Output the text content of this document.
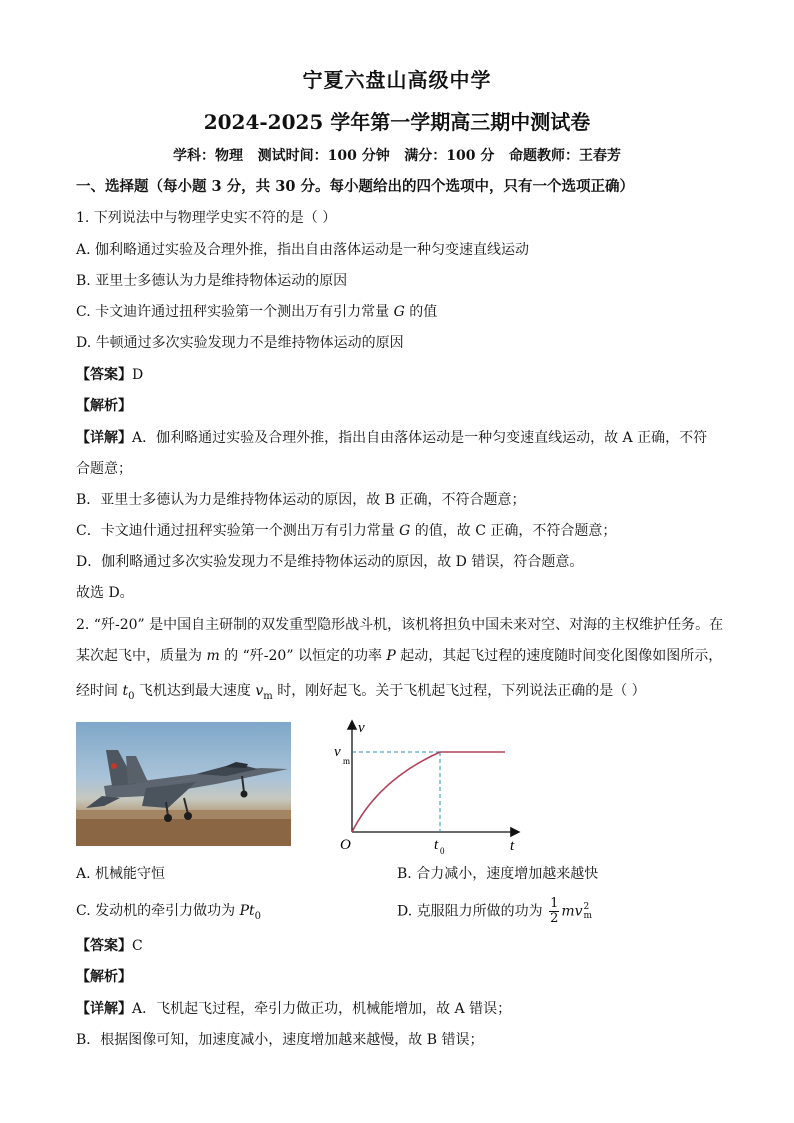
宁夏六盘山高级中学
2024-2025 学年第一学期高三期中测试卷
学科：物理   测试时间：100 分钟   满分：100 分   命题教师：王春芳
一、选择题（每小题 3 分，共 30 分。每小题给出的四个选项中，只有一个选项正确）
1. 下列说法中与物理学史实不符的是（ ）
A. 伽利略通过实验及合理外推，指出自由落体运动是一种匀变速直线运动
B. 亚里士多德认为力是维持物体运动的原因
C. 卡文迪许通过扭秤实验第一个测出万有引力常量 G 的值
D. 牛顿通过多次实验发现力不是维持物体运动的原因
【答案】D
【解析】
【详解】A．伽利略通过实验及合理外推，指出自由落体运动是一种匀变速直线运动，故 A 正确，不符
合题意；
B．亚里士多德认为力是维持物体运动的原因，故 B 正确，不符合题意；
C．卡文迪什通过扭秤实验第一个测出万有引力常量 G 的值，故 C 正确，不符合题意；
D．伽利略通过多次实验发现力不是维持物体运动的原因，故 D 错误，符合题意。
故选 D。
2. “歼-20” 是中国自主研制的双发重型隐形战斗机，该机将担负中国未来对空、对海的主权维护任务。在
某次起飞中，质量为 m 的 “歼-20” 以恒定的功率 P 起动，其起飞过程的速度随时间变化图像如图所示，
经时间 $t_0$ 飞机达到最大速度 $v_m$ 时，刚好起飞。关于飞机起飞过程，下列说法正确的是（ ）
v
t
O
v
m
t 0
A. 机械能守恒	B. 合力减小，速度增加越来越快
C. 发动机的牵引力做功为 $Pt_0$	D. 克服阻力所做的功为 $\frac{1}{2}$ mv 2
m
【答案】C
【解析】
【详解】A．飞机起飞过程，牵引力做正功，机械能增加，故 A 错误；
B．根据图像可知，加速度减小，速度增加越来越慢，故 B 错误；
